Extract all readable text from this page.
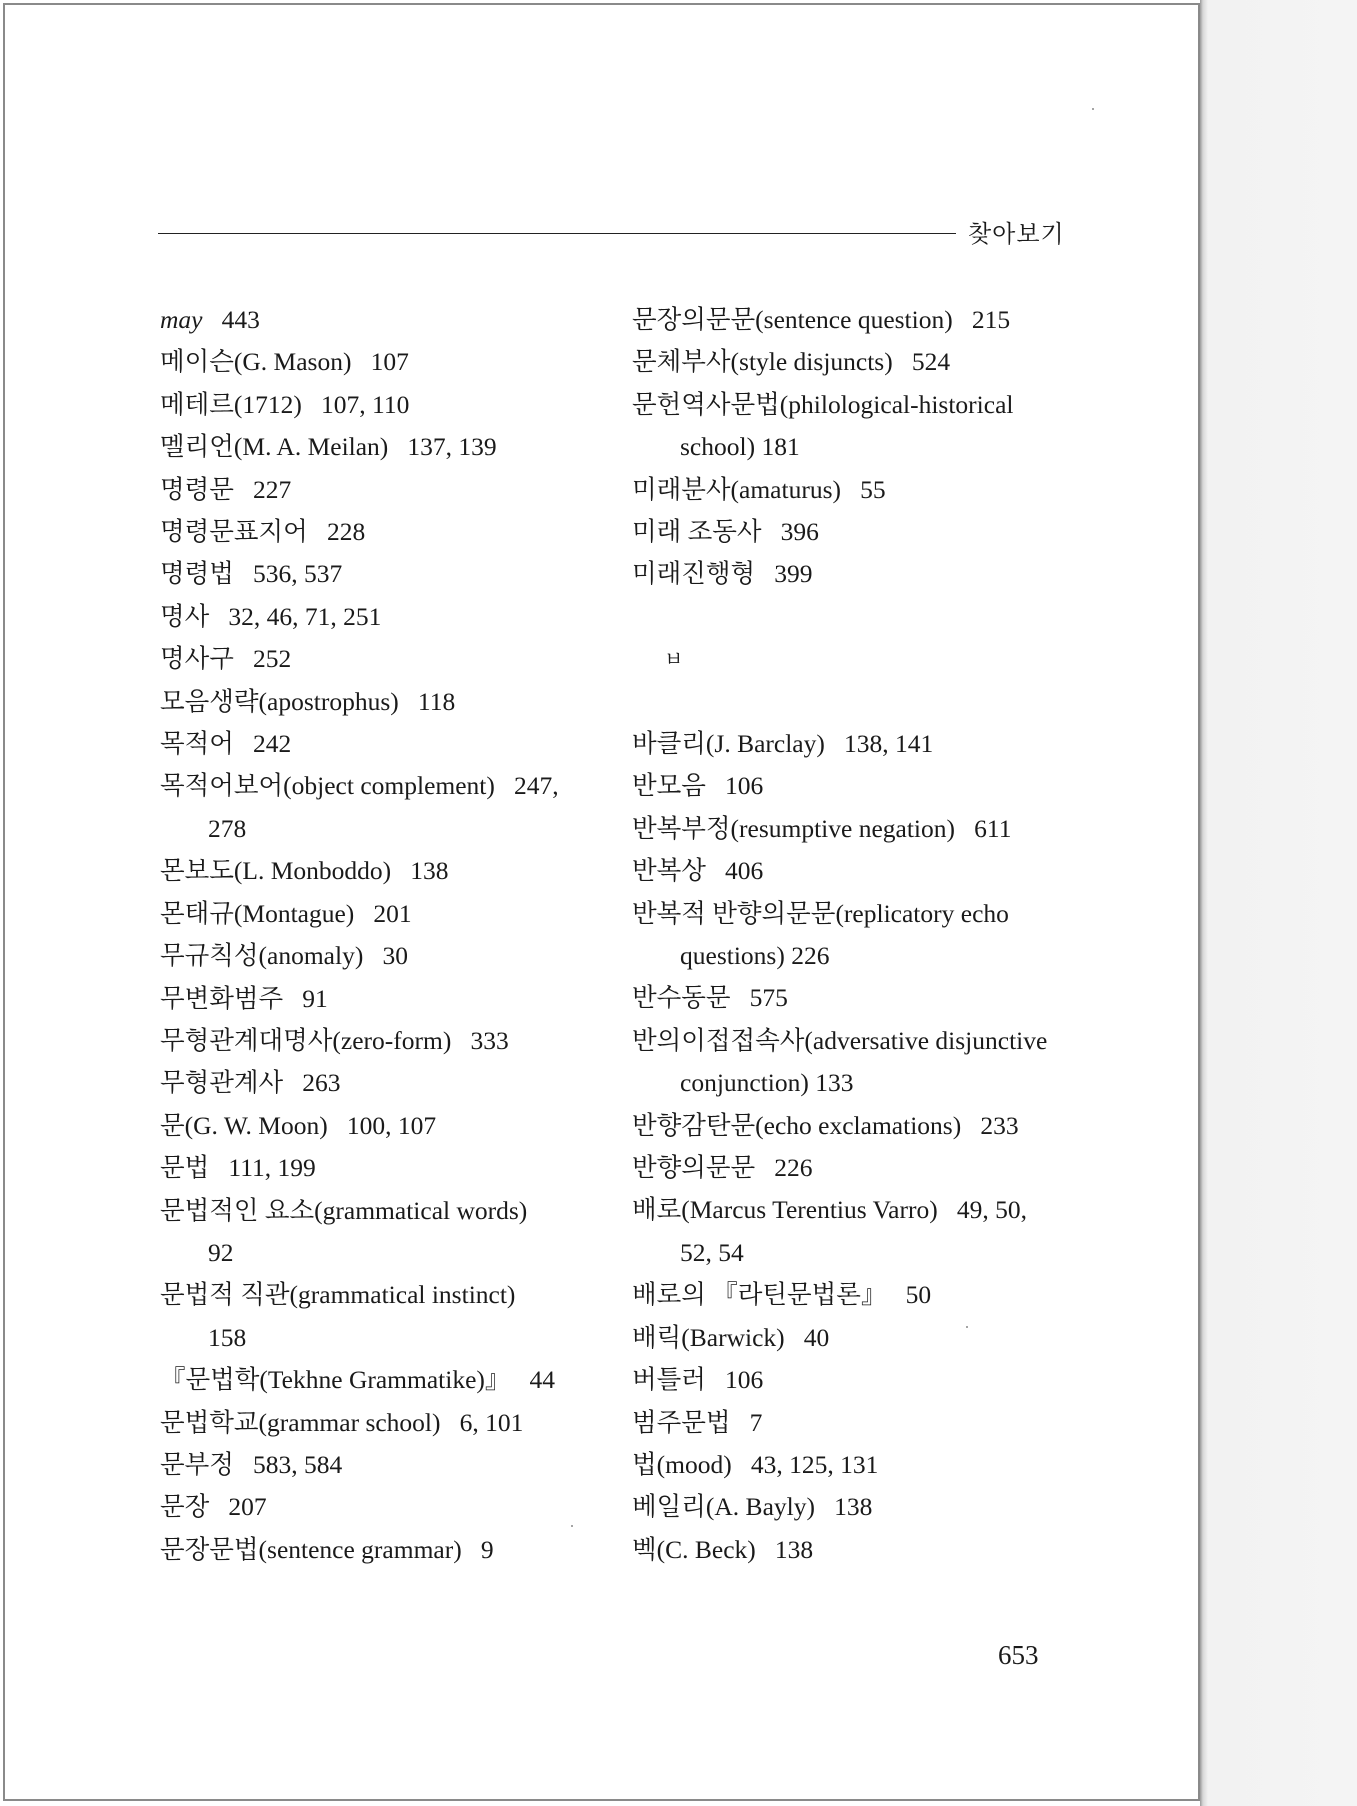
찾아보기
may 443
메이슨(G. Mason) 107
메테르(1712) 107, 110
멜리언(M. A. Meilan) 137, 139
명령문 227
명령문표지어 228
명령법 536, 537
명사 32, 46, 71, 251
명사구 252
모음생략(apostrophus) 118
목적어 242
목적어보어(object complement) 247,
278
몬보도(L. Monboddo) 138
몬태규(Montague) 201
무규칙성(anomaly) 30
무변화범주 91
무형관계대명사(zero-form) 333
무형관계사 263
문(G. W. Moon) 100, 107
문법 111, 199
문법적인 요소(grammatical words)
92
문법적 직관(grammatical instinct)
158
『문법학(Tekhne Grammatike)』 44
문법학교(grammar school) 6, 101
문부정 583, 584
문장 207
문장문법(sentence grammar) 9
문장의문문(sentence question) 215
문체부사(style disjuncts) 524
문헌역사문법(philological-historical
school) 181
미래분사(amaturus) 55
미래 조동사 396
미래진행형 399
ㅂ
바클리(J. Barclay) 138, 141
반모음 106
반복부정(resumptive negation) 611
반복상 406
반복적 반향의문문(replicatory echo
questions) 226
반수동문 575
반의이접접속사(adversative disjunctive
conjunction) 133
반향감탄문(echo exclamations) 233
반향의문문 226
배로(Marcus Terentius Varro) 49, 50,
52, 54
배로의 『라틴문법론』 50
배릭(Barwick) 40
버틀러 106
범주문법 7
법(mood) 43, 125, 131
베일리(A. Bayly) 138
벡(C. Beck) 138
653
